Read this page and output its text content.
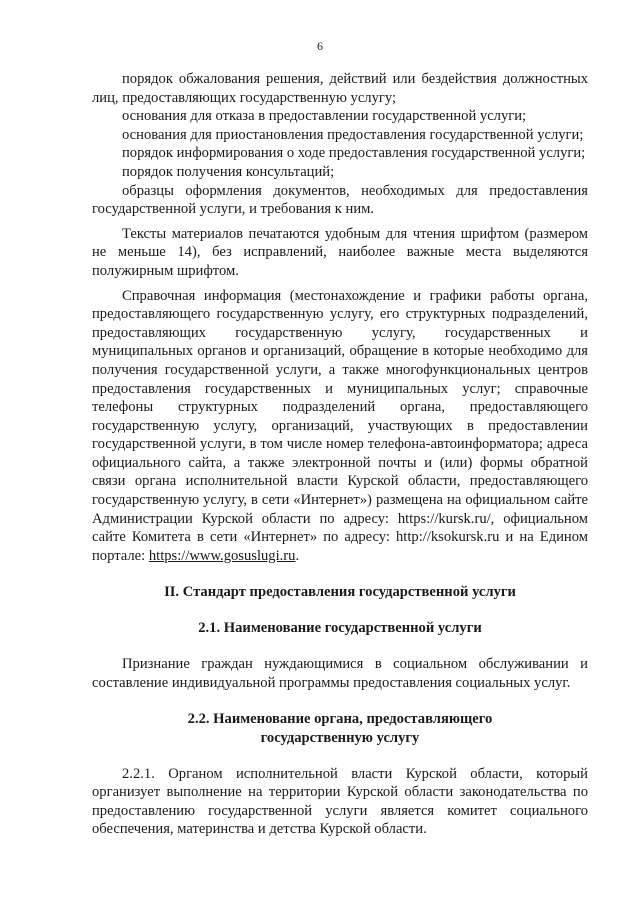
6

порядок обжалования решения, действий или бездействия должностных лиц, предоставляющих государственную услугу;

основания для отказа в предоставлении государственной услуги;

основания для приостановления предоставления государственной услуги;

порядок информирования о ходе предоставления государственной услуги;

порядок получения консультаций;

образцы оформления документов, необходимых для предоставления государственной услуги, и требования к ним.

Тексты материалов печатаются удобным для чтения шрифтом (размером не меньше 14), без исправлений, наиболее важные места выделяются полужирным шрифтом.

Справочная информация (местонахождение и графики работы органа, предоставляющего государственную услугу, его структурных подразделений, предоставляющих государственную услугу, государственных и муниципальных органов и организаций, обращение в которые необходимо для получения государственной услуги, а также многофункциональных центров предоставления государственных и муниципальных услуг; справочные телефоны структурных подразделений органа, предоставляющего государственную услугу, организаций, участвующих в предоставлении государственной услуги, в том числе номер телефона-автоинформатора; адреса официального сайта, а также электронной почты и (или) формы обратной связи органа исполнительной власти Курской области, предоставляющего государственную услугу, в сети «Интернет») размещена на официальном сайте Администрации Курской области по адресу: https://kursk.ru/, официальном сайте Комитета в сети «Интернет» по адресу: http://ksokursk.ru и на Едином портале: https://www.gosuslugi.ru.

II. Стандарт предоставления государственной услуги
2.1. Наименование государственной услуги

Признание граждан нуждающимися в социальном обслуживании и составление индивидуальной программы предоставления социальных услуг.

2.2. Наименование органа, предоставляющего
государственную услугу

2.2.1. Органом исполнительной власти Курской области, который организует выполнение на территории Курской области законодательства по предоставлению государственной услуги является комитет социального обеспечения, материнства и детства Курской области.
